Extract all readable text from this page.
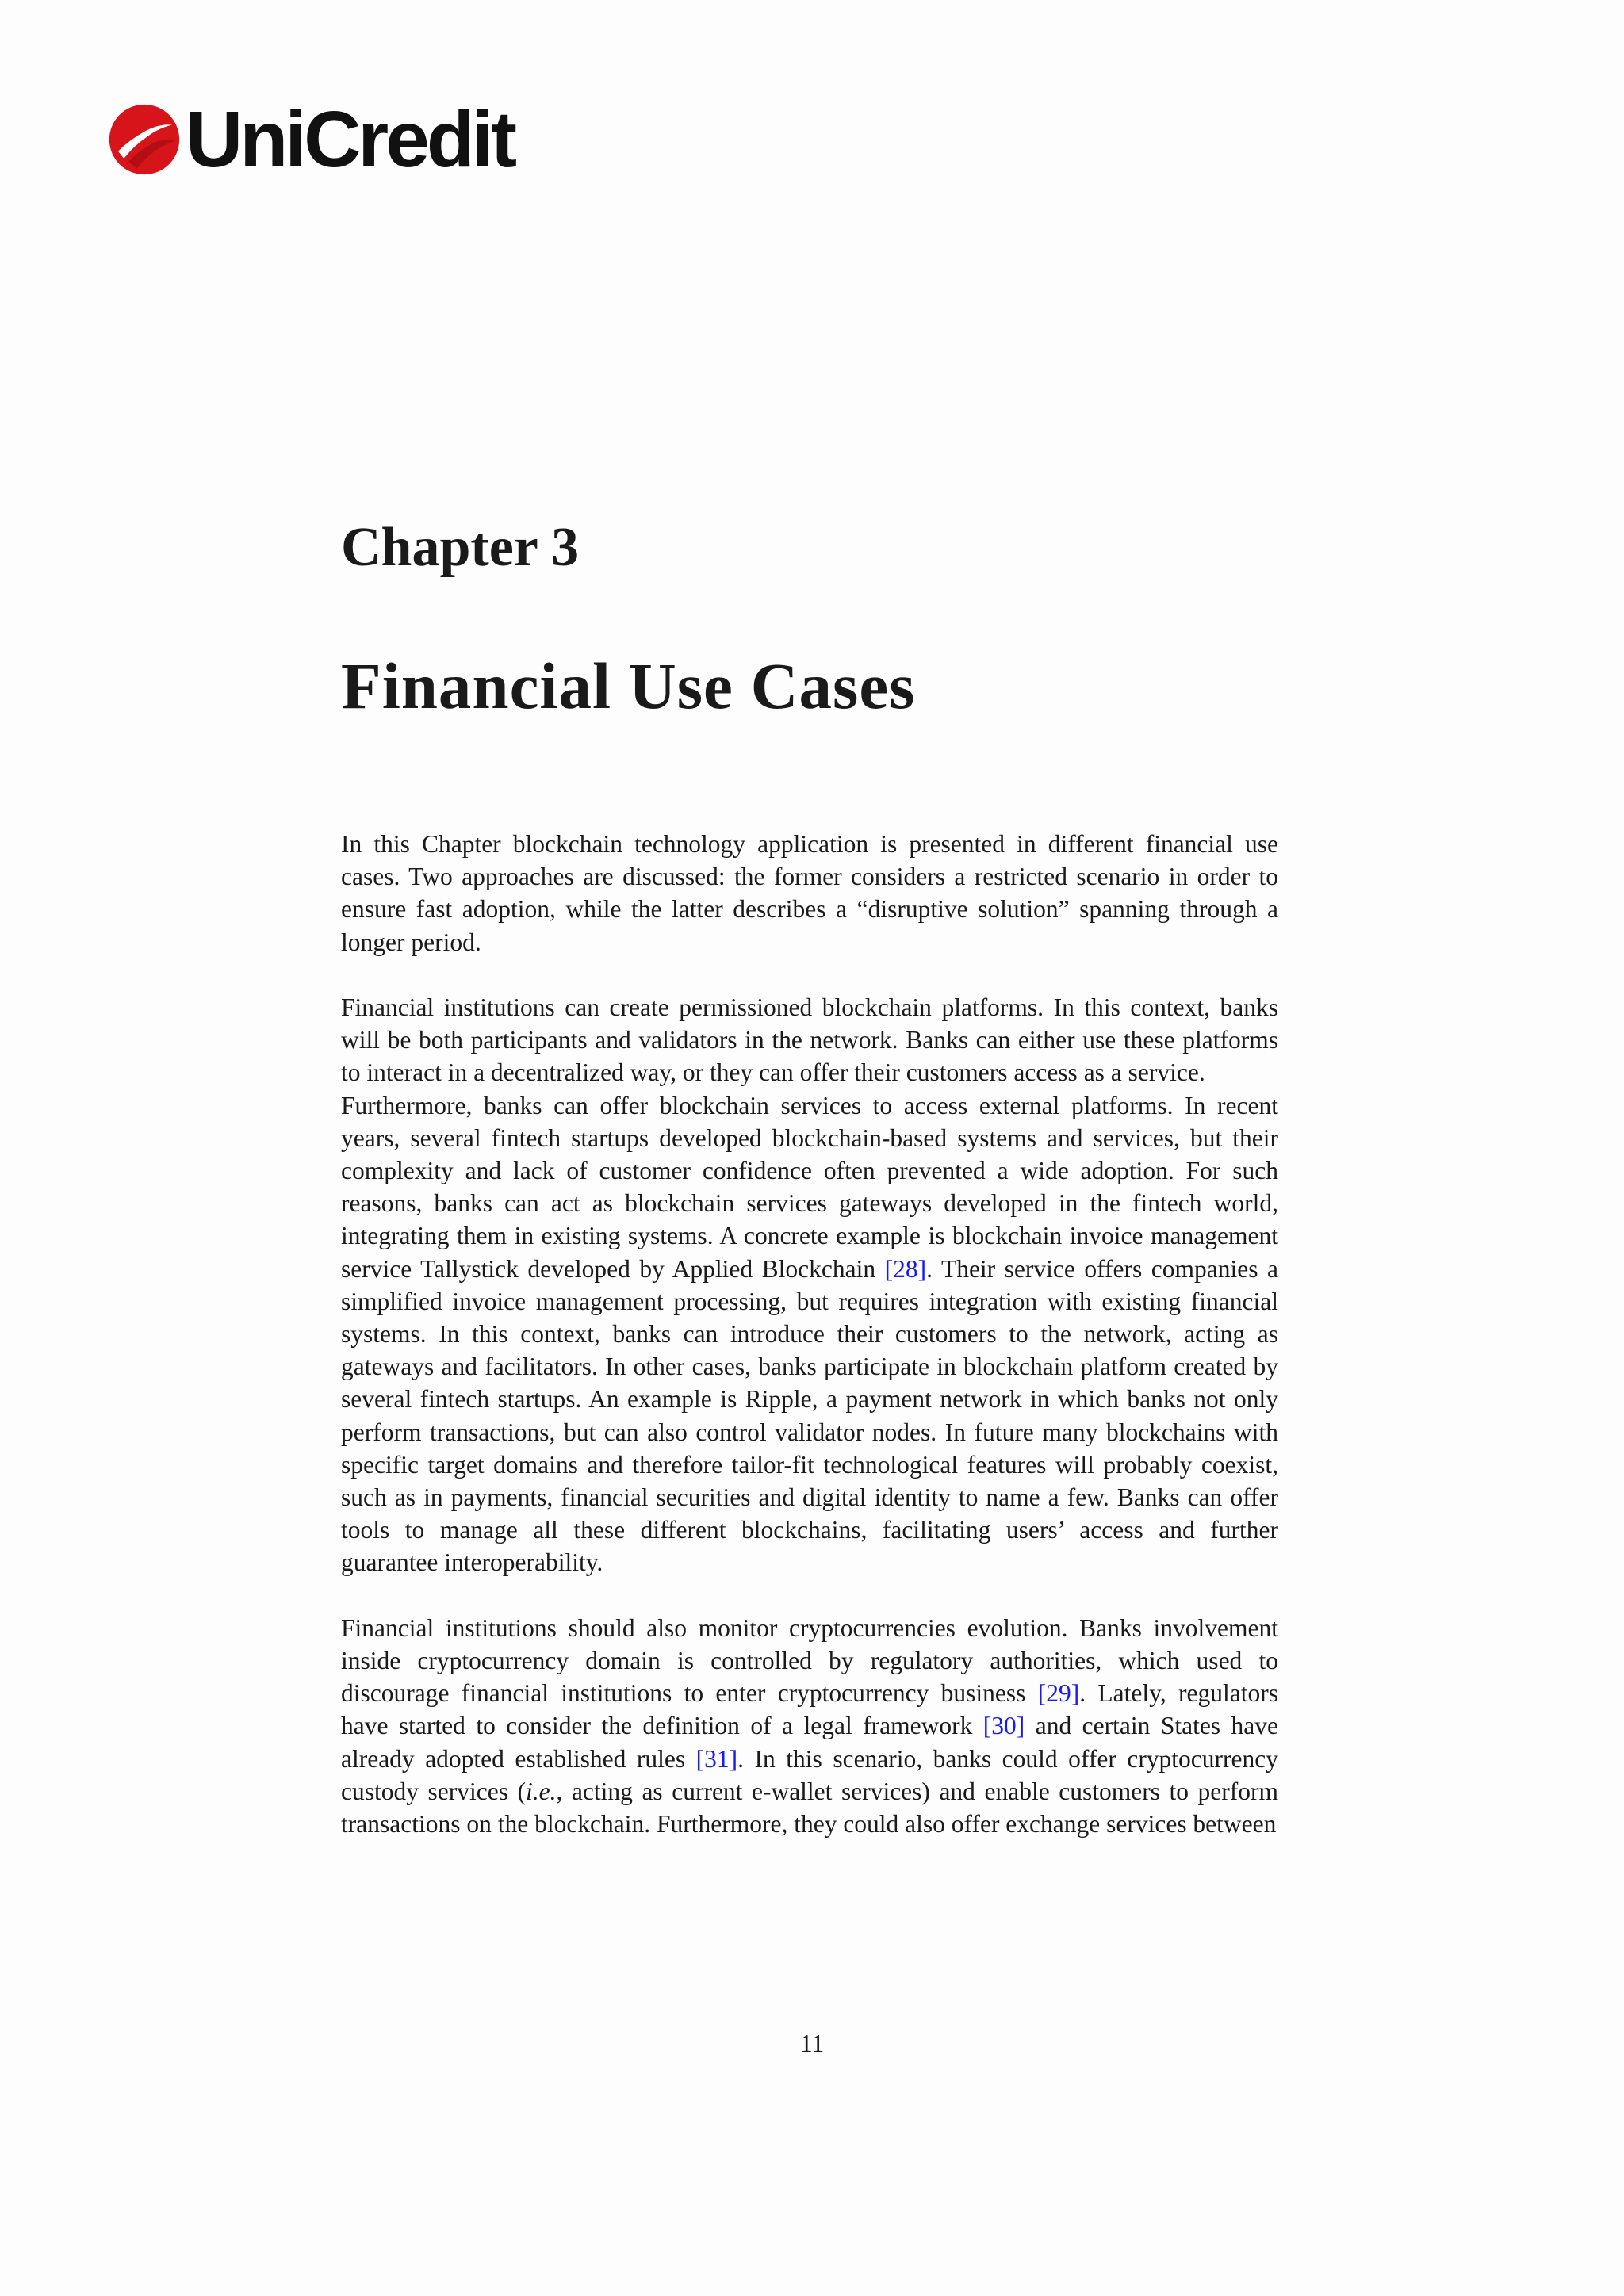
UniCredit
Chapter 3
Financial Use Cases

In this Chapter blockchain technology application is presented in different financial use cases. Two approaches are discussed: the former considers a restricted scenario in order to ensure fast adoption, while the latter describes a “disruptive solution” spanning through a longer period.

Financial institutions can create permissioned blockchain platforms. In this context, banks will be both participants and validators in the network. Banks can either use these platforms to interact in a decentralized way, or they can offer their customers access as a service.

Furthermore, banks can offer blockchain services to access external platforms. In recent years, several fintech startups developed blockchain-based systems and services, but their complexity and lack of customer confidence often prevented a wide adoption. For such reasons, banks can act as blockchain services gateways developed in the fintech world, integrating them in existing systems. A concrete example is blockchain invoice management service Tallystick developed by Applied Blockchain [28]. Their service offers companies a simplified invoice management processing, but requires integration with existing financial systems. In this context, banks can introduce their customers to the network, acting as gateways and facilitators. In other cases, banks participate in blockchain platform created by several fintech startups. An example is Ripple, a payment network in which banks not only perform transactions, but can also control validator nodes. In future many blockchains with specific target domains and therefore tailor-fit technological features will probably coexist, such as in payments, financial securities and digital identity to name a few. Banks can offer tools to manage all these different blockchains, facilitating users’ access and further guarantee interoperability.

Financial institutions should also monitor cryptocurrencies evolution. Banks involvement inside cryptocurrency domain is controlled by regulatory authorities, which used to discourage financial institutions to enter cryptocurrency business [29]. Lately, regulators have started to consider the definition of a legal framework [30] and certain States have already adopted established rules [31]. In this scenario, banks could offer cryptocurrency custody services (i.e., acting as current e-wallet services) and enable customers to perform transactions on the blockchain. Furthermore, they could also offer exchange services between

11
